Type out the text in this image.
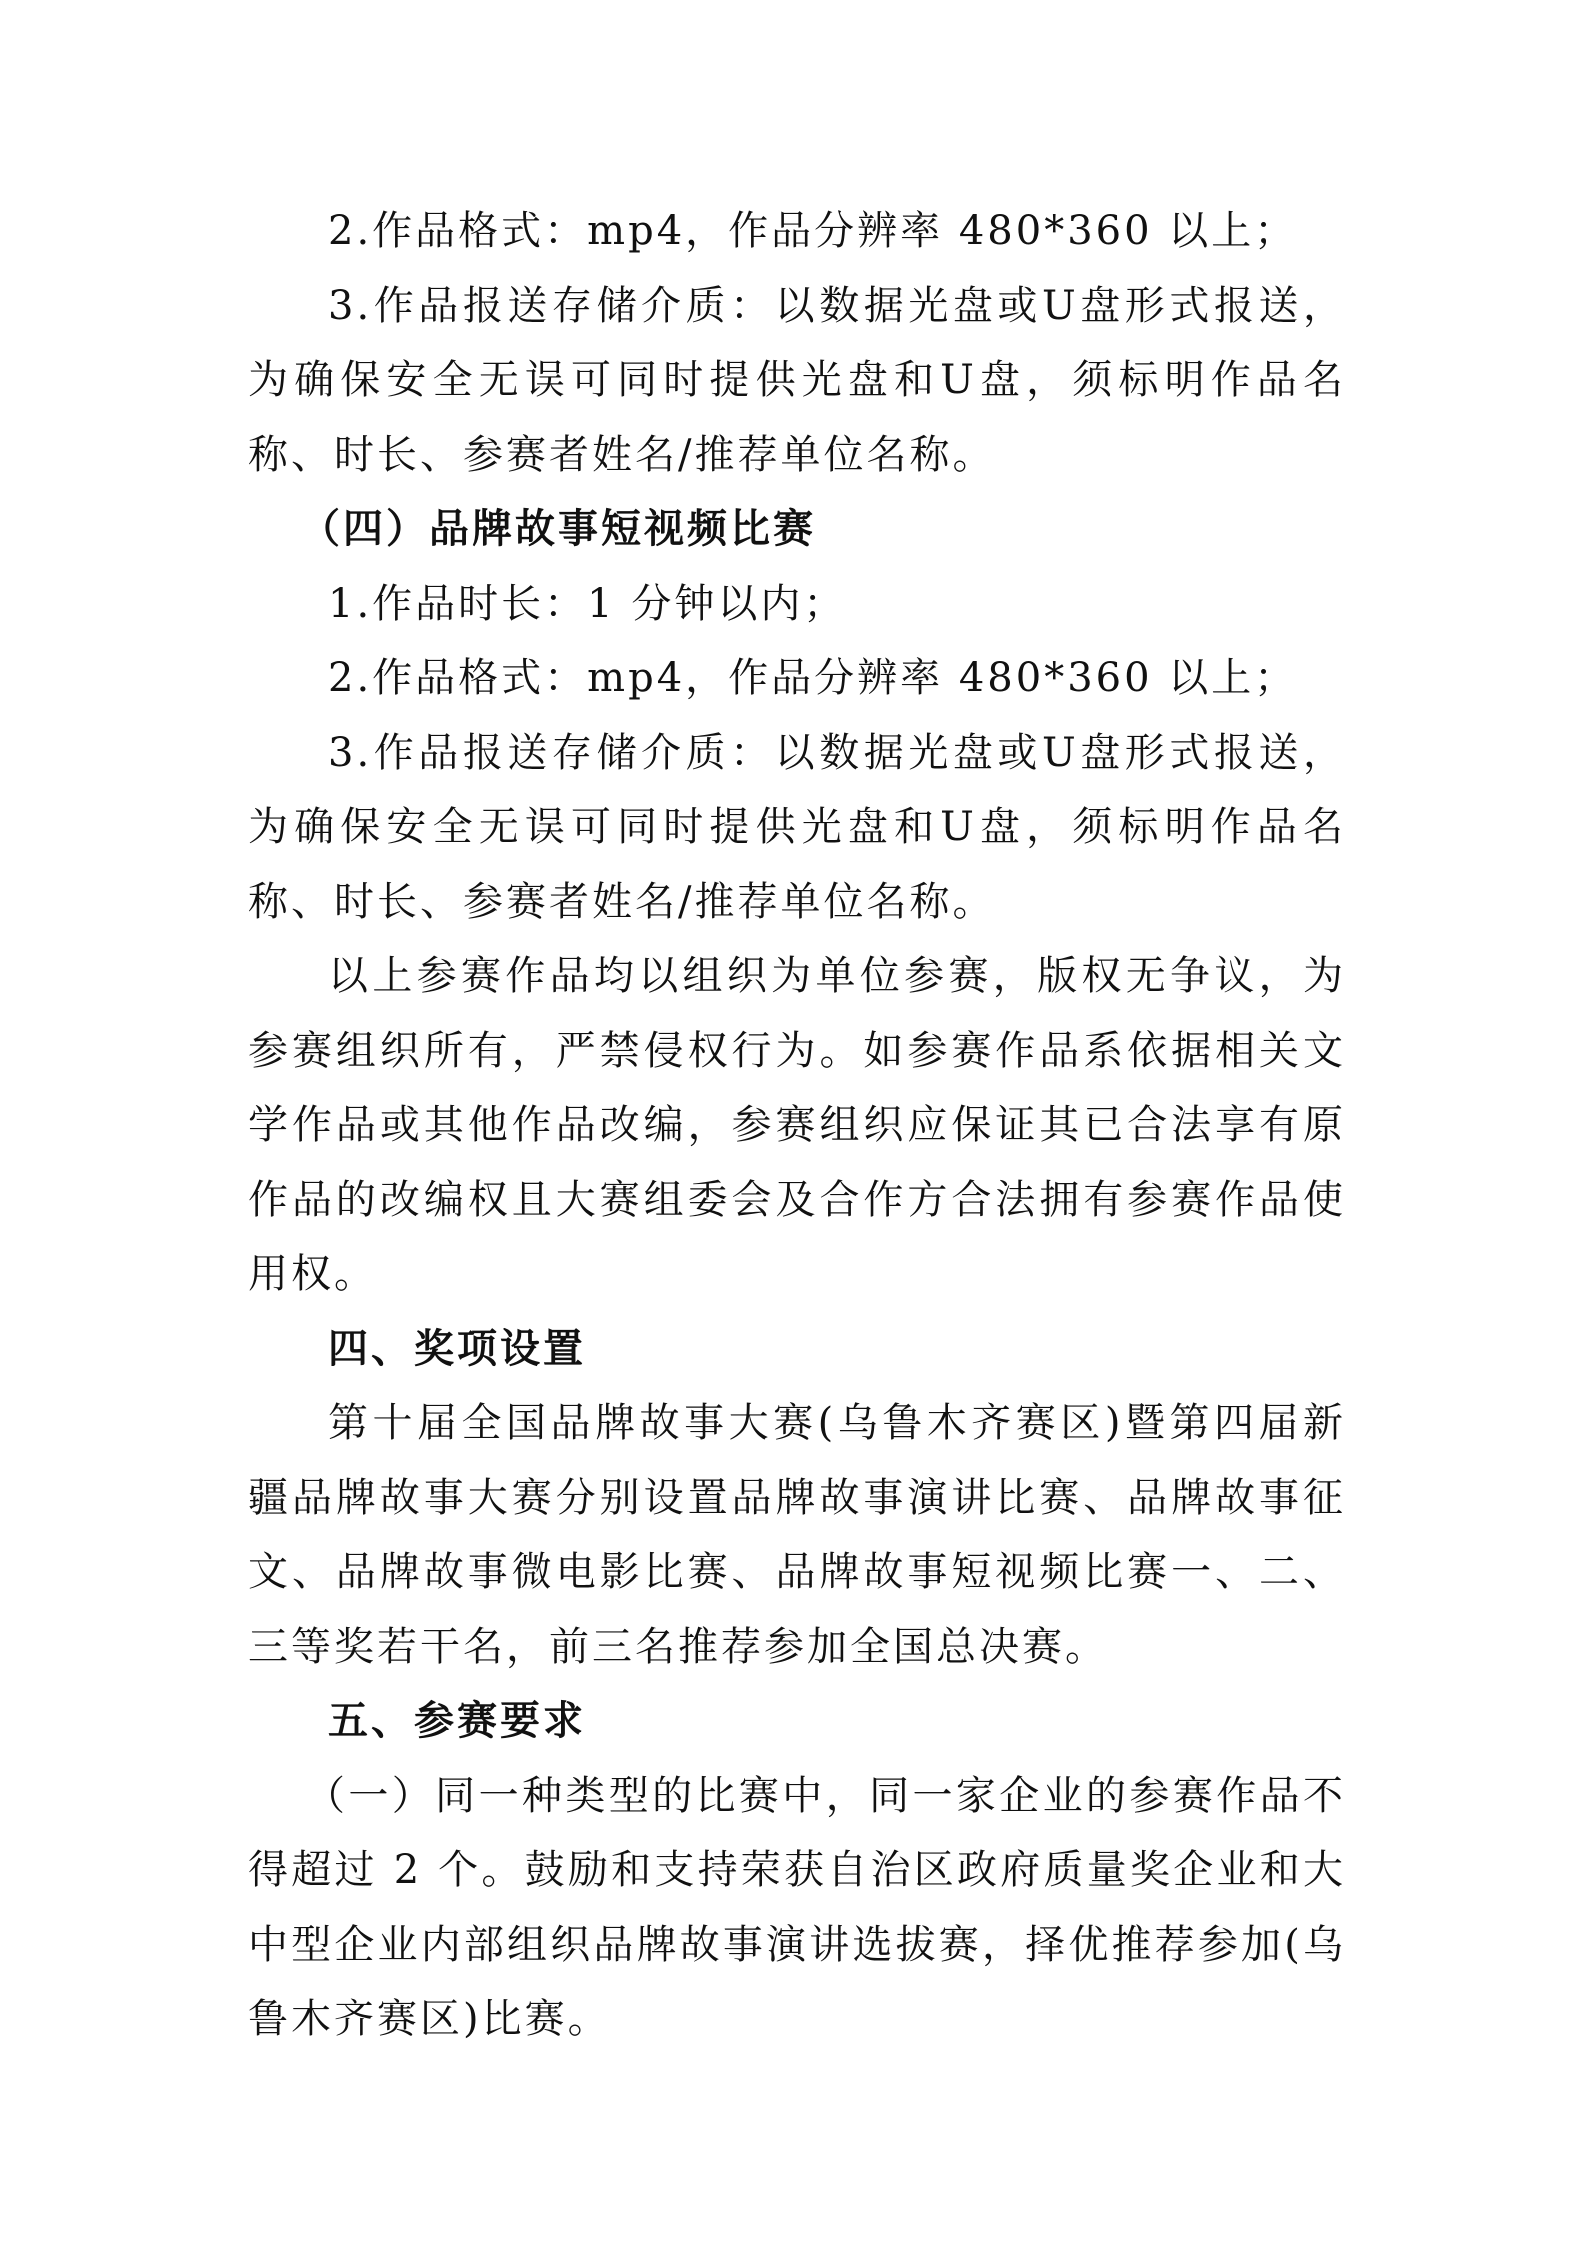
2.作品格式：mp4，作品分辨率 480*360 以上；

3.作品报送存储介质：以数据光盘或U盘形式报送，为确保安全无误可同时提供光盘和U盘，须标明作品名称、时长、参赛者姓名/推荐单位名称。

（四）品牌故事短视频比赛

1.作品时长：1 分钟以内；

2.作品格式：mp4，作品分辨率 480*360 以上；

3.作品报送存储介质：以数据光盘或U盘形式报送，为确保安全无误可同时提供光盘和U盘，须标明作品名称、时长、参赛者姓名/推荐单位名称。

以上参赛作品均以组织为单位参赛，版权无争议，为参赛组织所有，严禁侵权行为。如参赛作品系依据相关文学作品或其他作品改编，参赛组织应保证其已合法享有原作品的改编权且大赛组委会及合作方合法拥有参赛作品使用权。

四、奖项设置

第十届全国品牌故事大赛(乌鲁木齐赛区)暨第四届新疆品牌故事大赛分别设置品牌故事演讲比赛、品牌故事征文、品牌故事微电影比赛、品牌故事短视频比赛一、二、三等奖若干名，前三名推荐参加全国总决赛。

五、参赛要求

（一）同一种类型的比赛中，同一家企业的参赛作品不得超过 2 个。鼓励和支持荣获自治区政府质量奖企业和大中型企业内部组织品牌故事演讲选拔赛，择优推荐参加(乌鲁木齐赛区)比赛。
